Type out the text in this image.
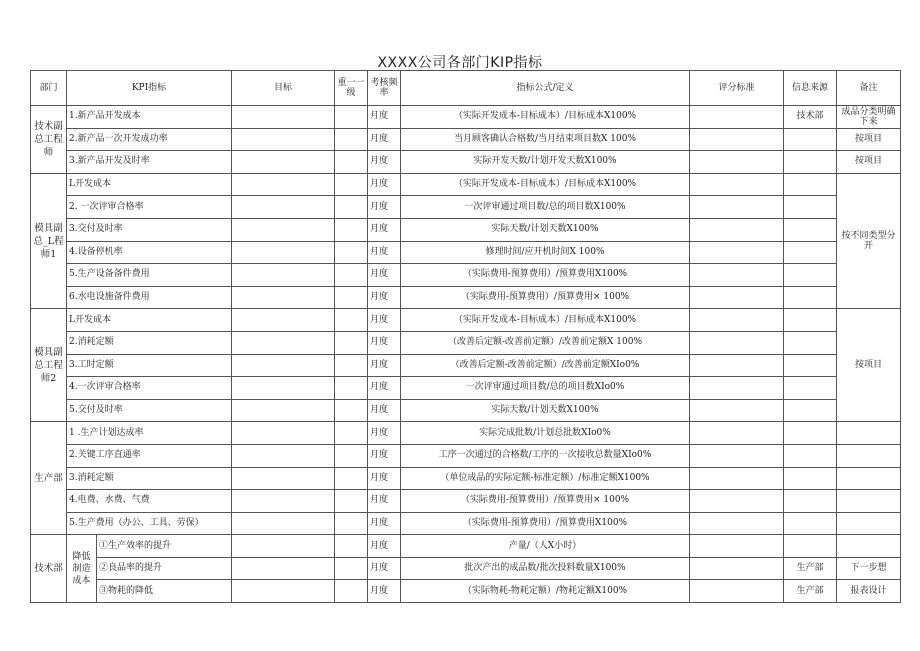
XXXX公司各部门KIP指标
部门	KPI指标		目标	重一一级	考核频率	指标公式/定义	评分标准	信息来源	备注
技术副总工程师	1.新产品开发成本				月度	（实际开发成本-目标成本）/目标成本X100%		技术部	成品分类明确下来
	2.新产品一次开发成功率				月度	当月顾客确认合格数/当月结束项目数X 100%			按项目
	3.新产品开发及时率				月度	实际开发天数/计划开发天数X100%			按项目
模具副总_L程师1	L开发成本				月度	（实际开发成本-目标成本）/目标成本X100%			按不同类型分开
	2. 一次评审合格率				月度	一次评审通过项目数/总的项目数X100%			
	3.交付及时率				月度	实际天数/计划天数X100%			
	4.设备停机率				月度	修理时间/应开机时间X 100%			
	5.生产设备备件费用				月度	（实际费用-预算费用）/预算费用X100%			
	6.水电设施备件费用				月度	（实际费用-预算费用）/预算费用× 100%			
模具副总工程师2	L开发成本				月度	（实际开发成本-目标成本）/目标成本X100%			按项目
	2.消耗定额				月度	（改善后定额-改善前定额）/改善前定额X 100%			
	3.工时定额				月度	（改善后定额-改善前定额）/改善前定额XIo0%			
	4.一次评审合格率				月度	一次评审通过项目数/总的项目数XIo0%			
	5.交付及时率				月度	实际天数/计划天数X100%			
生产部	1 .生产计划达成率				月度	实际完成批数/计划总批数XIo0%			
	2.关键工序直通率				月度	工序一次通过的合格数/工序的一次接收总数量XIo0%			
	3.消耗定额				月度	（单位成品的实际定额-标准定额）/标准定额X100%			
	4.电费、水费、气费				月度	（实际费用-预算费用）/预算费用× 100%			
	5.生产费用（办公、工具、劳保）				月度	（实际费用-预算费用）/预算费用X100%			
技术部	降低制造成本	①生产效率的提升			月度	产量/（人X小时）			
		②良品率的提升			月度	批次产出的成品数/批次投料数量X100%		生产部	下一步想
		③物耗的降低			月度	（实际物耗-物耗定额）/物耗定额X100%		生产部	报表设计
